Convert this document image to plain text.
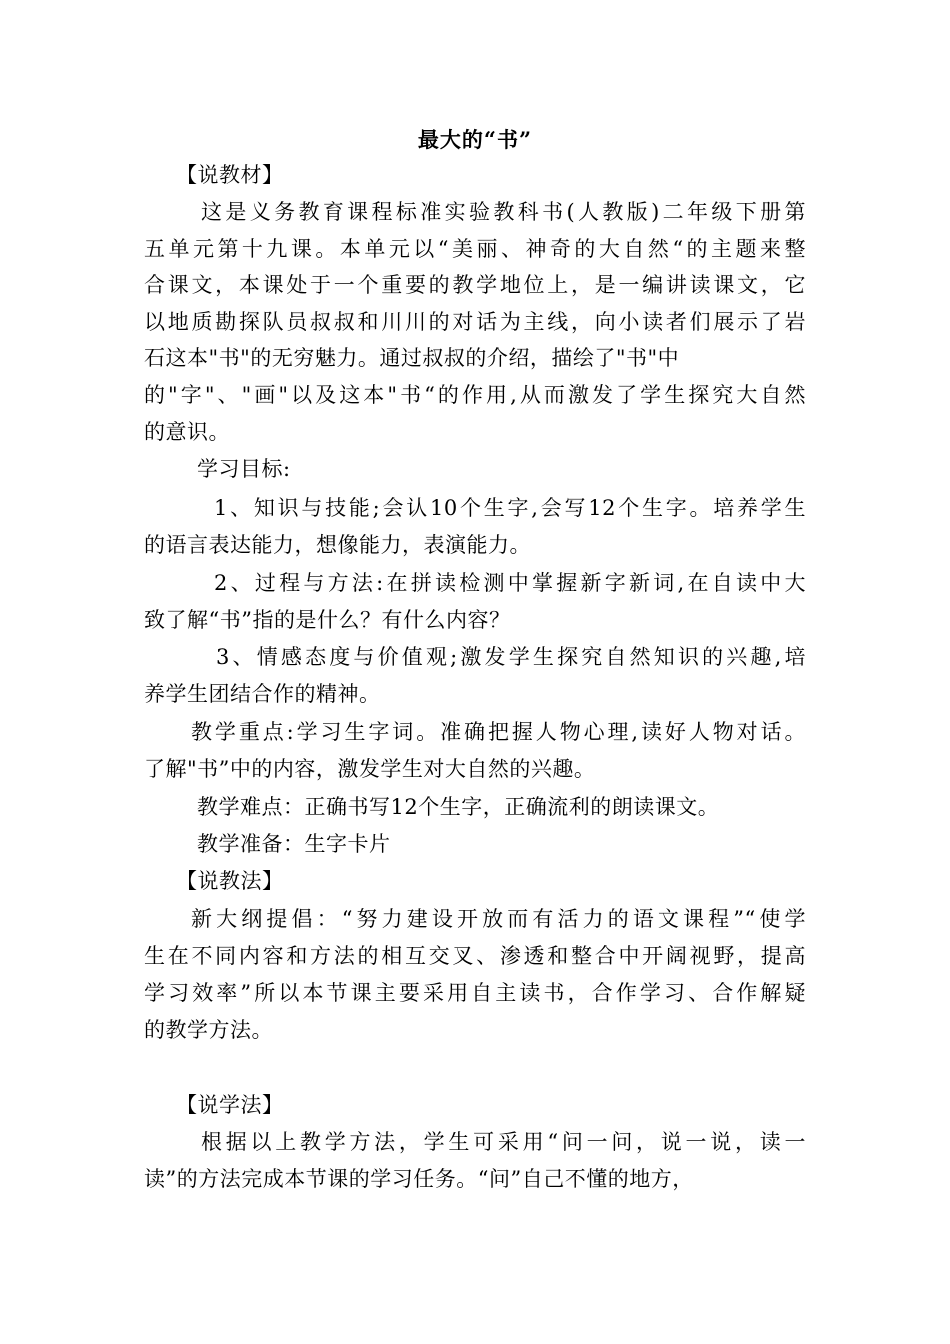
最大的“书”
【说教材】
这是义务教育课程标准实验教科书(人教版)二年级下册第
五单元第十九课。本单元以“美丽、神奇的大自然“的主题来整
合课文，本课处于一个重要的教学地位上，是一编讲读课文，它
以地质勘探队员叔叔和川川的对话为主线，向小读者们展示了岩
石这本"书"的无穷魅力。通过叔叔的介绍，描绘了"书"中
的"字"、"画"以及这本"书“的作用,从而激发了学生探究大自然
的意识。
学习目标:
1、知识与技能;会认10个生字,会写12个生字。培养学生
的语言表达能力，想像能力，表演能力。
2、过程与方法:在拼读检测中掌握新字新词,在自读中大
致了解“书”指的是什么？有什么内容？
3、情感态度与价值观;激发学生探究自然知识的兴趣,培
养学生团结合作的精神。
教学重点:学习生字词。准确把握人物心理,读好人物对话。
了解"书”中的内容，激发学生对大自然的兴趣。
教学难点：正确书写12个生字，正确流利的朗读课文。
教学准备：生字卡片
【说教法】
新大纲提倡：“努力建设开放而有活力的语文课程”“使学
生在不同内容和方法的相互交叉、渗透和整合中开阔视野，提高
学习效率”所以本节课主要采用自主读书，合作学习、合作解疑
的教学方法。
【说学法】
根据以上教学方法，学生可采用“问一问，说一说，读一
读”的方法完成本节课的学习任务。“问”自己不懂的地方，
